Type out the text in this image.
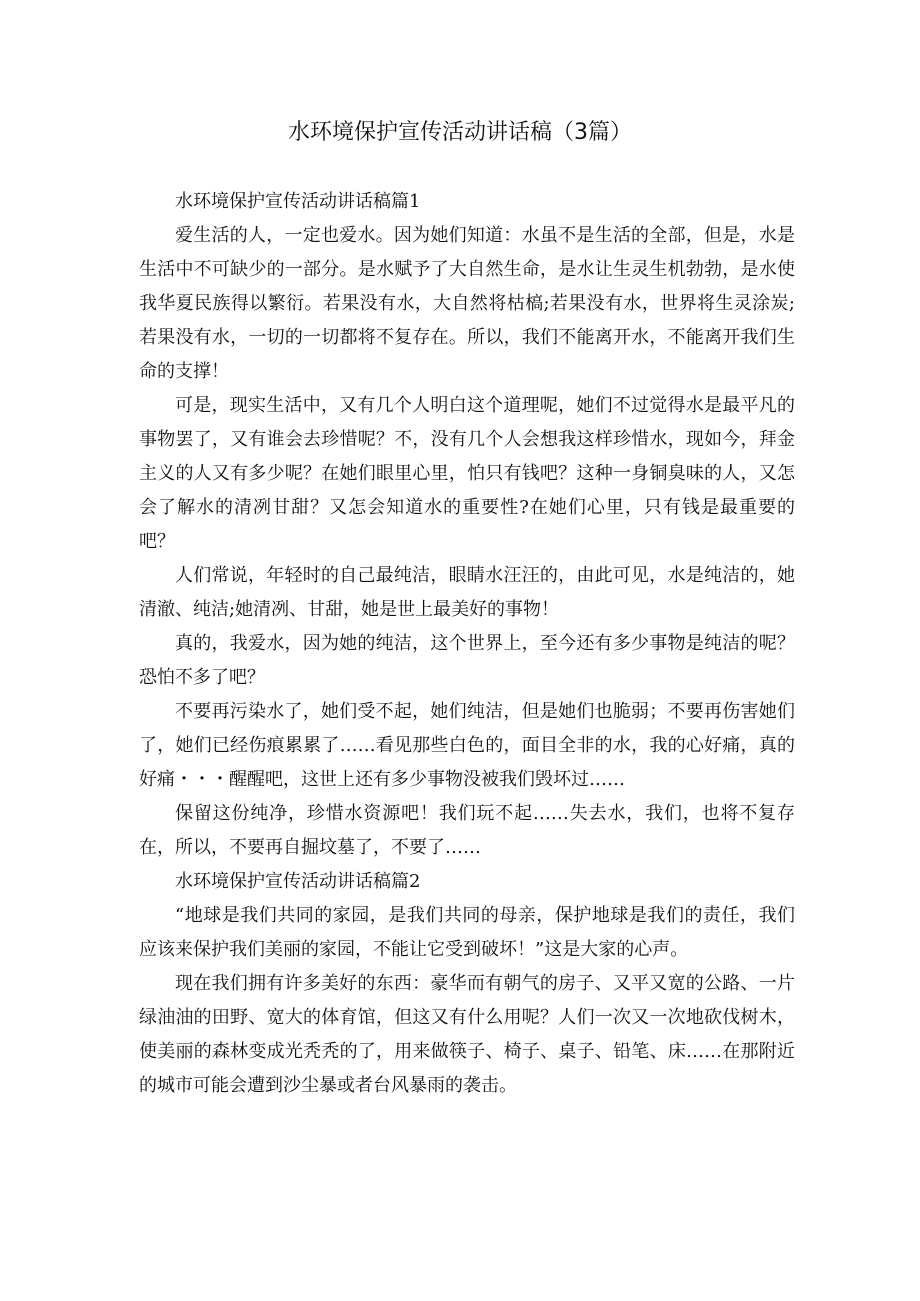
水环境保护宣传活动讲话稿（3篇）

水环境保护宣传活动讲话稿篇1

爱生活的人，一定也爱水。因为她们知道：水虽不是生活的全部，但是，水是生活中不可缺少的一部分。是水赋予了大自然生命，是水让生灵生机勃勃，是水使我华夏民族得以繁衍。若果没有水，大自然将枯槁;若果没有水，世界将生灵涂炭;若果没有水，一切的一切都将不复存在。所以，我们不能离开水，不能离开我们生命的支撑！

可是，现实生活中，又有几个人明白这个道理呢，她们不过觉得水是最平凡的事物罢了，又有谁会去珍惜呢？不，没有几个人会想我这样珍惜水，现如今，拜金主义的人又有多少呢？在她们眼里心里，怕只有钱吧？这种一身铜臭味的人，又怎会了解水的清冽甘甜？又怎会知道水的重要性?在她们心里，只有钱是最重要的吧？

人们常说，年轻时的自己最纯洁，眼睛水汪汪的，由此可见，水是纯洁的，她清澈、纯洁;她清冽、甘甜，她是世上最美好的事物！

真的，我爱水，因为她的纯洁，这个世界上，至今还有多少事物是纯洁的呢？恐怕不多了吧？

不要再污染水了，她们受不起，她们纯洁，但是她们也脆弱；不要再伤害她们了，她们已经伤痕累累了……看见那些白色的，面目全非的水，我的心好痛，真的好痛・・・醒醒吧，这世上还有多少事物没被我们毁坏过……

保留这份纯净，珍惜水资源吧！我们玩不起……失去水，我们，也将不复存在，所以，不要再自掘坟墓了，不要了……

水环境保护宣传活动讲话稿篇2

“地球是我们共同的家园，是我们共同的母亲，保护地球是我们的责任，我们应该来保护我们美丽的家园，不能让它受到破坏！”这是大家的心声。

现在我们拥有许多美好的东西：豪华而有朝气的房子、又平又宽的公路、一片绿油油的田野、宽大的体育馆，但这又有什么用呢？人们一次又一次地砍伐树木，使美丽的森林变成光秃秃的了，用来做筷子、椅子、桌子、铅笔、床……在那附近的城市可能会遭到沙尘暴或者台风暴雨的袭击。
